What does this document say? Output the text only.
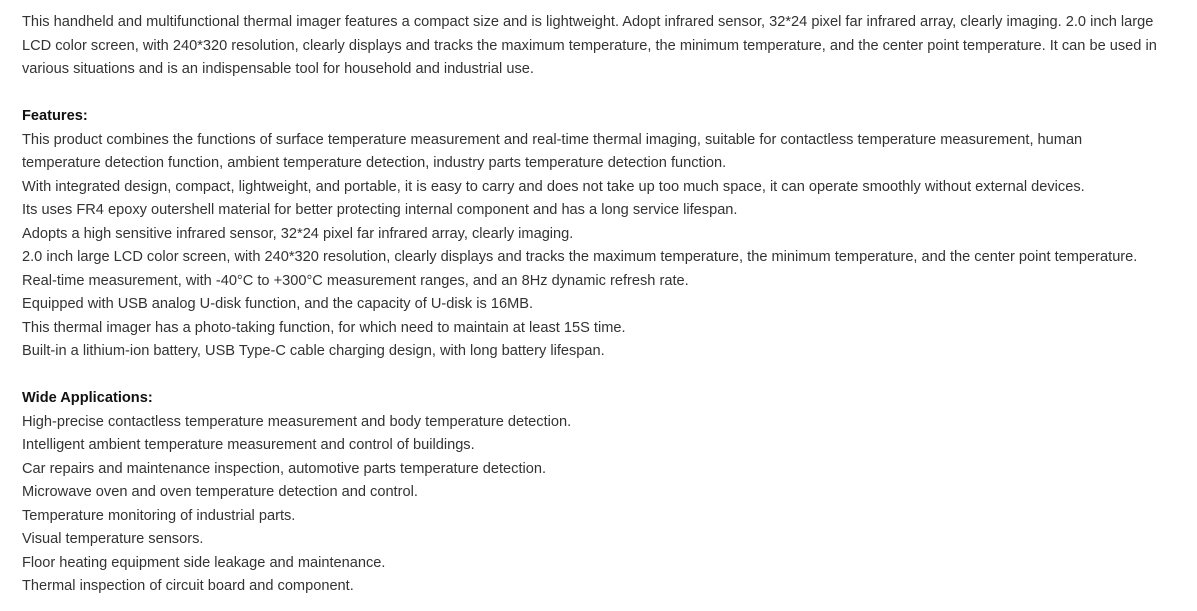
This handheld and multifunctional thermal imager features a compact size and is lightweight. Adopt infrared sensor, 32*24 pixel far infrared array, clearly imaging. 2.0 inch large LCD color screen, with 240*320 resolution, clearly displays and tracks the maximum temperature, the minimum temperature, and the center point temperature. It can be used in various situations and is an indispensable tool for household and industrial use.

Features:
This product combines the functions of surface temperature measurement and real-time thermal imaging, suitable for contactless temperature measurement, human temperature detection function, ambient temperature detection, industry parts temperature detection function.
With integrated design, compact, lightweight, and portable, it is easy to carry and does not take up too much space, it can operate smoothly without external devices.
Its uses FR4 epoxy outershell material for better protecting internal component and has a long service lifespan.
Adopts a high sensitive infrared sensor, 32*24 pixel far infrared array, clearly imaging.
2.0 inch large LCD color screen, with 240*320 resolution, clearly displays and tracks the maximum temperature, the minimum temperature, and the center point temperature.
Real-time measurement, with -40°C to +300°C measurement ranges, and an 8Hz dynamic refresh rate.
Equipped with USB analog U-disk function, and the capacity of U-disk is 16MB.
This thermal imager has a photo-taking function, for which need to maintain at least 15S time.
Built-in a lithium-ion battery, USB Type-C cable charging design, with long battery lifespan.
Wide Applications:
High-precise contactless temperature measurement and body temperature detection.
Intelligent ambient temperature measurement and control of buildings.
Car repairs and maintenance inspection, automotive parts temperature detection.
Microwave oven and oven temperature detection and control.
Temperature monitoring of industrial parts.
Visual temperature sensors.
Floor heating equipment side leakage and maintenance.
Thermal inspection of circuit board and component.
